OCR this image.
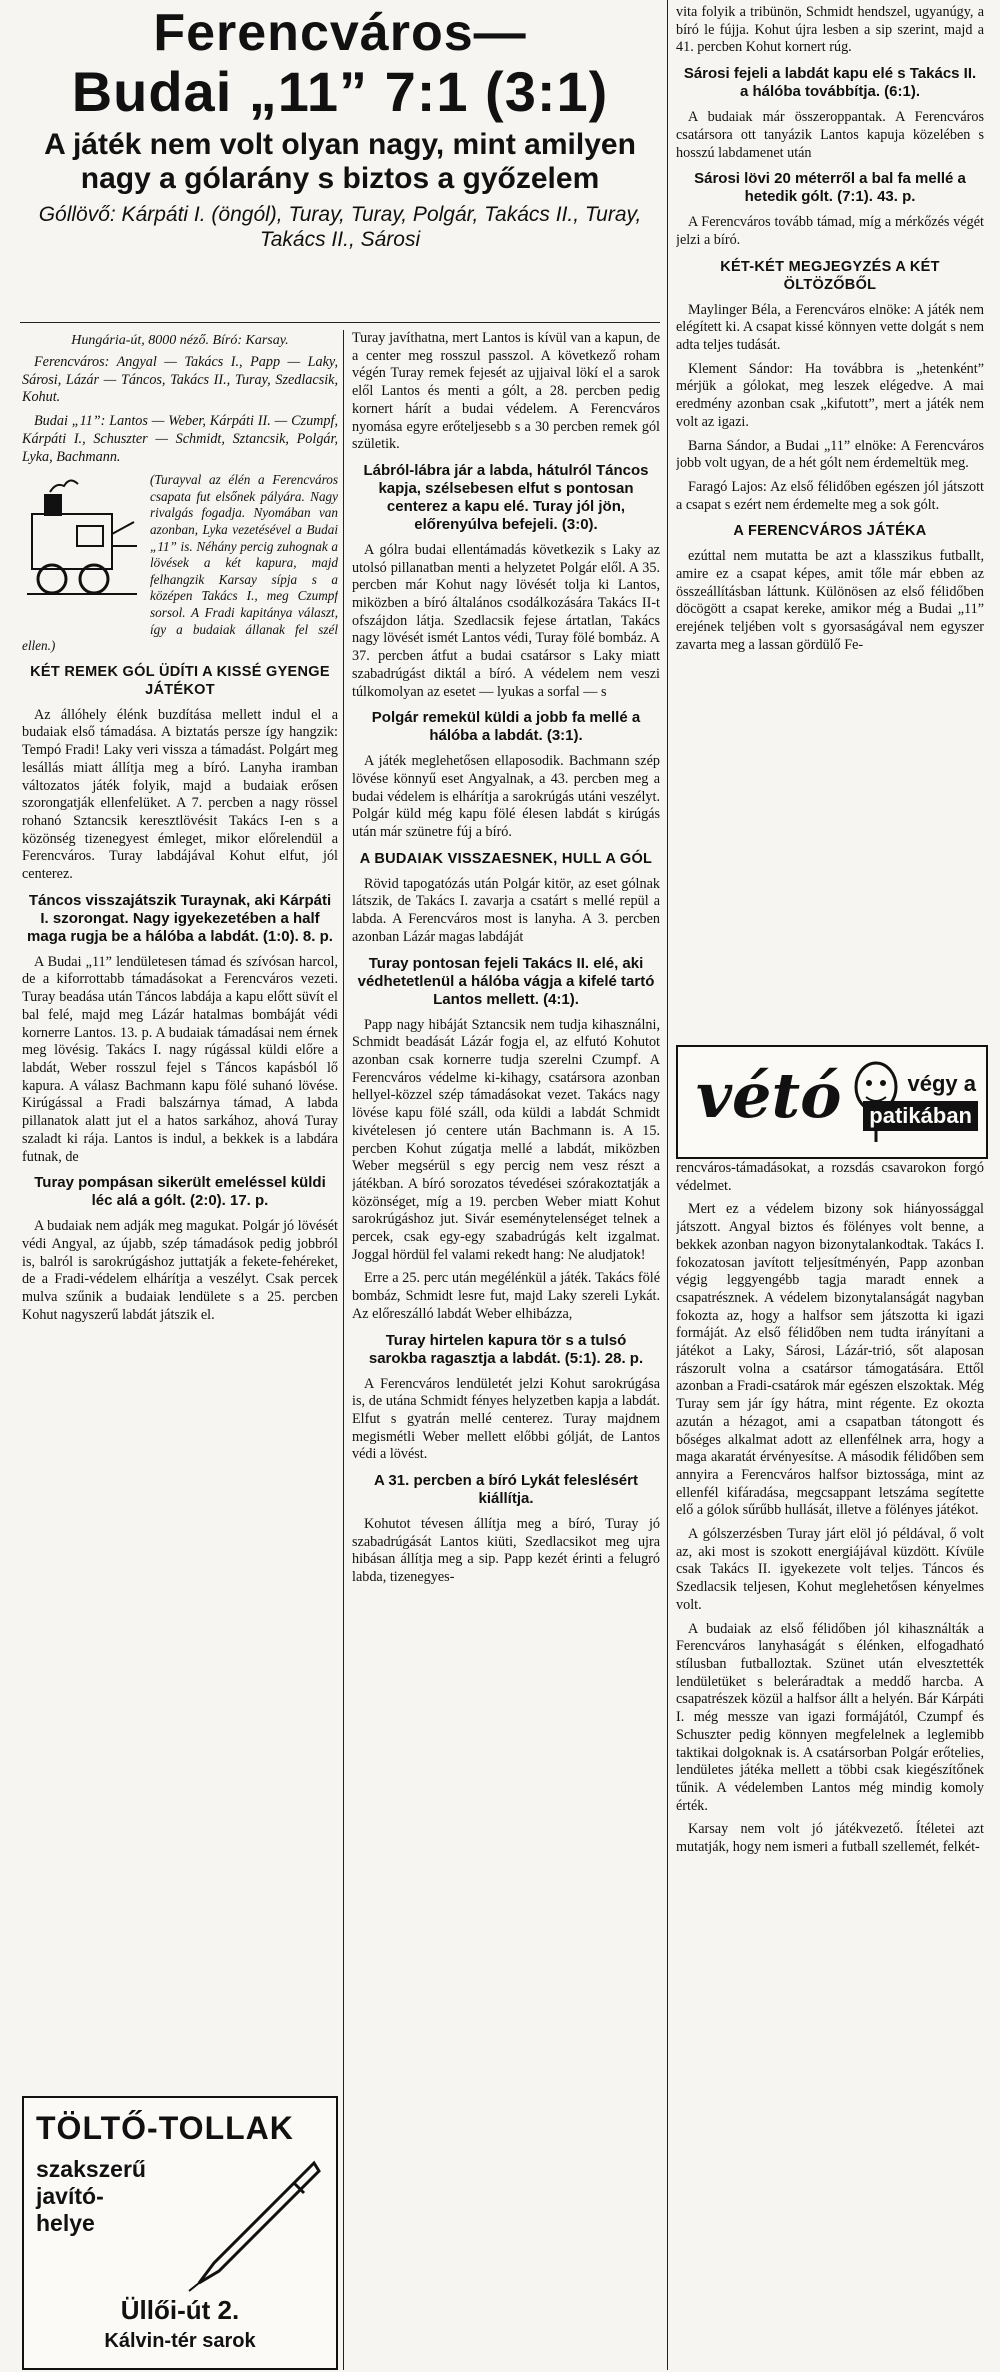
Ferencváros—
Budai „11” 7:1 (3:1)
A játék nem volt olyan nagy, mint amilyen nagy a gólarány s biztos a győzelem
Góllövő: Kárpáti I. (öngól), Turay, Turay, Polgár, Takács II., Turay, Takács II., Sárosi

Hungária-út, 8000 néző. Bíró: Karsay.

Ferencváros: Angyal — Takács I., Papp — Laky, Sárosi, Lázár — Táncos, Takács II., Turay, Szedlacsik, Kohut.

Budai „11”: Lantos — Weber, Kárpáti II. — Czumpf, Kárpáti I., Schuszter — Schmidt, Sztancsik, Polgár, Lyka, Bachmann.

(Turayval az élén a Ferencváros csapata fut elsőnek pályára. Nagy rivalgás fogadja. Nyomában van azonban, Lyka vezetésével a Budai „11” is. Néhány percig zuhognak a lövések a két kapura, majd felhangzik Karsay sípja s a középen Takács I., meg Czumpf sorsol. A Fradi kapitánya választ, így a budaiak állanak fel szél ellen.)

KÉT REMEK GÓL ÜDÍTI A KISSÉ GYENGE JÁTÉKOT

Az állóhely élénk buzdítása mellett indul el a budaiak első támadása. A biztatás persze így hangzik: Tempó Fradi! Laky veri vissza a támadást. Polgárt meg lesállás miatt állítja meg a bíró. Lanyha iramban változatos játék folyik, majd a budaiak erősen szorongatják ellenfelüket. A 7. percben a nagy rössel rohanó Sztancsik keresztlövésit Takács I-en s a közönség tizenegyest émleget, mikor előrelendül a Ferencváros. Turay labdájával Kohut elfut, jól centerez.

Táncos visszajátszik Turaynak, aki Kárpáti I. szorongat. Nagy igyekezetében a half maga rugja be a hálóba a labdát. (1:0). 8. p.

A Budai „11” lendületesen támad és szívósan harcol, de a kiforrottabb támadásokat a Ferencváros vezeti. Turay beadása után Táncos labdája a kapu előtt süvít el bal felé, majd meg Lázár hatalmas bombáját védi kornerre Lantos. 13. p. A budaiak támadásai nem érnek meg lövésig. Takács I. nagy rúgással küldi előre a labdát, Weber rosszul fejel s Táncos kapásból lő kapura. A válasz Bachmann kapu fölé suhanó lövése. Kirúgással a Fradi balszárnya támad, A labda pillanatok alatt jut el a hatos sarkához, ahová Turay szaladt ki rája. Lantos is indul, a bekkek is a labdára futnak, de

Turay pompásan sikerült emeléssel küldi léc alá a gólt. (2:0). 17. p.

A budaiak nem adják meg magukat. Polgár jó lövését védi Angyal, az újabb, szép támadások pedig jobbról is, balról is sarokrúgáshoz juttatják a fekete-fehéreket, de a Fradi-védelem elhárítja a veszélyt. Csak percek mulva szűnik a budaiak lendülete s a 25. percben Kohut nagyszerű labdát játszik el.

TÖLTŐ-TOLLAK
szakszerű
javító-
helye
Üllői-út 2.
Kálvin-tér sarok

Turay javíthatna, mert Lantos is kívül van a kapun, de a center meg rosszul passzol. A következő roham végén Turay remek fejesét az ujjaival lökí el a sarok elől Lantos és menti a gólt, a 28. percben pedig kornert hárít a budai védelem. A Ferencváros nyomása egyre erőteljesebb s a 30 percben remek gól születik.

Lábról-lábra jár a labda, hátulról Táncos kapja, szélsebesen elfut s pontosan centerez a kapu elé. Turay jól jön, előrenyúlva befejeli. (3:0).

A gólra budai ellentámadás következik s Laky az utolsó pillanatban menti a helyzetet Polgár elől. A 35. percben már Kohut nagy lövését tolja ki Lantos, miközben a bíró általános csodálkozására Takács II-t ofszájdon látja. Szedlacsik fejese ártatlan, Takács nagy lövését ismét Lantos védi, Turay fölé bombáz. A 37. percben átfut a budai csatársor s Laky miatt szabadrúgást diktál a bíró. A védelem nem veszi túlkomolyan az esetet — lyukas a sorfal — s

Polgár remekül küldi a jobb fa mellé a hálóba a labdát. (3:1).

A játék meglehetősen ellaposodik. Bachmann szép lövése könnyű eset Angyalnak, a 43. percben meg a budai védelem is elhárítja a sarokrúgás utáni veszélyt. Polgár küld még kapu fölé élesen labdát s kirúgás után már szünetre fúj a bíró.

A BUDAIAK VISSZAESNEK, HULL A GÓL

Rövid tapogatózás után Polgár kitör, az eset gólnak látszik, de Takács I. zavarja a csatárt s mellé repül a labda. A Ferencváros most is lanyha. A 3. percben azonban Lázár magas labdáját

Turay pontosan fejeli Takács II. elé, aki védhetetlenül a hálóba vágja a kifelé tartó Lantos mellett. (4:1).

Papp nagy hibáját Sztancsik nem tudja kihasználni, Schmidt beadását Lázár fogja el, az elfutó Kohutot azonban csak kornerre tudja szerelni Czumpf. A Ferencváros védelme ki-kihagy, csatársora azonban hellyel-közzel szép támadásokat vezet. Takács nagy lövése kapu fölé száll, oda küldi a labdát Schmidt kivételesen jó centere után Bachmann is. A 15. percben Kohut zúgatja mellé a labdát, miközben Weber megsérül s egy percig nem vesz részt a játékban. A bíró sorozatos tévedései szórakoztatják a közönséget, míg a 19. percben Weber miatt Kohut sarokrúgáshoz jut. Sivár eseménytelenséget telnek a percek, csak egy-egy szabadrúgás kelt izgalmat. Joggal hördül fel valami rekedt hang: Ne aludjatok!

Erre a 25. perc után megélénkül a játék. Takács fölé bombáz, Schmidt lesre fut, majd Laky szereli Lykát. Az előreszálló labdát Weber elhibázza,

Turay hirtelen kapura tör s a tulsó sarokba ragasztja a labdát. (5:1). 28. p.

A Ferencváros lendületét jelzi Kohut sarokrúgása is, de utána Schmidt fényes helyzetben kapja a labdát. Elfut s gyatrán mellé centerez. Turay majdnem megismétli Weber mellett előbbi gólját, de Lantos védi a lövést.

A 31. percben a bíró Lykát feleslésért kiállítja.

Kohutot tévesen állítja meg a bíró, Turay jó szabadrúgását Lantos kiüti, Szedlacsikot meg ujra hibásan állítja meg a sip. Papp kezét érinti a felugró labda, tizenegyes-

vita folyik a tribünön, Schmidt hendszel, ugyanúgy, a bíró le fújja. Kohut újra lesben a sip szerint, majd a 41. percben Kohut kornert rúg.

Sárosi fejeli a labdát kapu elé s Takács II. a hálóba továbbítja. (6:1).

A budaiak már összeroppantak. A Ferencváros csatársora ott tanyázik Lantos kapuja közelében s hosszú labdamenet után

Sárosi lövi 20 méterről a bal fa mellé a hetedik gólt. (7:1). 43. p.

A Ferencváros tovább támad, míg a mérkőzés végét jelzi a bíró.

KÉT-KÉT MEGJEGYZÉS A KÉT ÖLTÖZŐBŐL

Maylinger Béla, a Ferencváros elnöke: A játék nem elégített ki. A csapat kissé könnyen vette dolgát s nem adta teljes tudását.

Klement Sándor: Ha továbbra is „hetenként” mérjük a gólokat, meg leszek elégedve. A mai eredmény azonban csak „kifutott”, mert a játék nem volt az igazi.

Barna Sándor, a Budai „11” elnöke: A Ferencváros jobb volt ugyan, de a hét gólt nem érdemeltük meg.

Faragó Lajos: Az első félidőben egészen jól játszott a csapat s ezért nem érdemelte meg a sok gólt.

A FERENCVÁROS JÁTÉKA

ezúttal nem mutatta be azt a klasszikus futballt, amire ez a csapat képes, amit tőle már ebben az összeállításban láttunk. Különösen az első félidőben döcögött a csapat kereke, amikor még a Budai „11” erejének teljében volt s gyorsaságával nem egyszer zavarta meg a lassan gördülő Fe-

vétó	végy a
patikában

rencváros-támadásokat, a rozsdás csavarokon forgó védelmet.

Mert ez a védelem bizony sok hiányossággal játszott. Angyal biztos és fölényes volt benne, a bekkek azonban nagyon bizonytalankodtak. Takács I. fokozatosan javított teljesítményén, Papp azonban végig leggyengébb tagja maradt ennek a csapatrésznek. A védelem bizonytalanságát nagyban fokozta az, hogy a halfsor sem játszotta ki igazi formáját. Az első félidőben nem tudta irányítani a játékot a Laky, Sárosi, Lázár-trió, sőt alaposan rászorult volna a csatársor támogatására. Ettől azonban a Fradi-csatárok már egészen elszoktak. Még Turay sem jár így hátra, mint régente. Ez okozta azután a hézagot, ami a csapatban tátongott és bőséges alkalmat adott az ellenfélnek arra, hogy a maga akaratát érvényesítse. A második félidőben sem annyira a Ferencváros halfsor biztossága, mint az ellenfél kifáradása, megcsappant letszáma segítette elő a gólok sűrűbb hullását, illetve a fölényes játékot.

A gólszerzésben Turay járt elöl jó példával, ő volt az, aki most is szokott energiájával küzdött. Kívüle csak Takács II. igyekezete volt teljes. Táncos és Szedlacsik teljesen, Kohut meglehetősen kényelmes volt.

A budaiak az első félidőben jól kihasználták a Ferencváros lanyhaságát s élénken, elfogadható stílusban futballoztak. Szünet után elvesztették lendületüket s beleráradtak a meddő harcba. A csapatrészek közül a halfsor állt a helyén. Bár Kárpáti I. még messze van igazi formájától, Czumpf és Schuszter pedig könnyen megfelelnek a leglemibb taktikai dolgoknak is. A csatársorban Polgár erőtelies, lendületes játéka mellett a többi csak kiegészítőnek tűnik. A védelemben Lantos még mindig komoly érték.

Karsay nem volt jó játékvezető. Ítéletei azt mutatják, hogy nem ismeri a futball szellemét, felkét-
